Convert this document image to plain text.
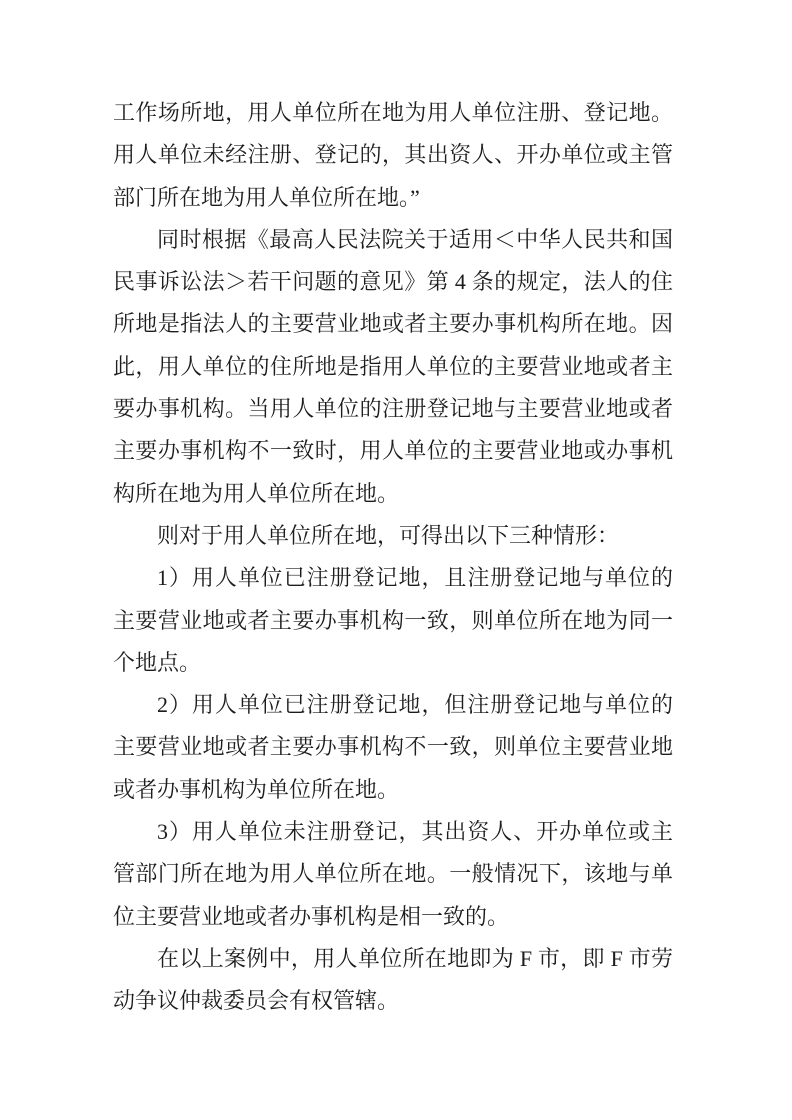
工作场所地，用人单位所在地为用人单位注册、登记地。用人单位未经注册、登记的，其出资人、开办单位或主管部门所在地为用人单位所在地。”

同时根据《最高人民法院关于适用＜中华人民共和国民事诉讼法＞若干问题的意见》第 4 条的规定，法人的住所地是指法人的主要营业地或者主要办事机构所在地。因此，用人单位的住所地是指用人单位的主要营业地或者主要办事机构。当用人单位的注册登记地与主要营业地或者主要办事机构不一致时，用人单位的主要营业地或办事机构所在地为用人单位所在地。

则对于用人单位所在地，可得出以下三种情形：

1）用人单位已注册登记地，且注册登记地与单位的主要营业地或者主要办事机构一致，则单位所在地为同一个地点。

2）用人单位已注册登记地，但注册登记地与单位的主要营业地或者主要办事机构不一致，则单位主要营业地或者办事机构为单位所在地。

3）用人单位未注册登记，其出资人、开办单位或主管部门所在地为用人单位所在地。一般情况下，该地与单位主要营业地或者办事机构是相一致的。

在以上案例中，用人单位所在地即为 F 市，即 F 市劳动争议仲裁委员会有权管辖。
